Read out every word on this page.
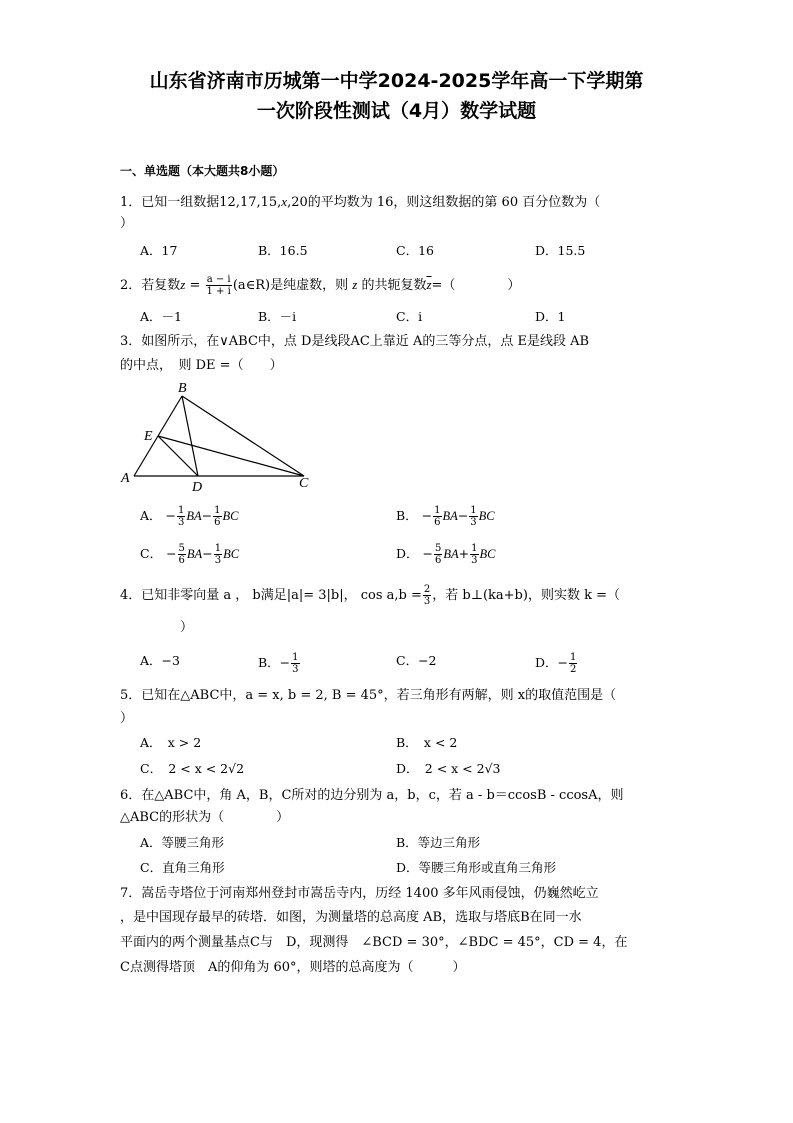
山东省济南市历城第一中学2024-2025学年高一下学期第
一次阶段性测试（4月）数学试题
一、单选题（本大题共8小题）
1．已知一组数据12,17,15,x,20的平均数为 16，则这组数据的第 60 百分位数为（
）
A．17	B．16.5	C．16	D．15.5
2．若复数$z = \frac{a - i}{1 + i}$ (a∈R)是纯虚数，则 z 的共轭复数$\overline{z}=$（　　　　）
A．－1	B．－i	C．i	D．1
3．如图所示，在∨ABC中，点 D是线段AC上靠近 A的三等分点，点 E是线段 AB
的中点，　则 DE =（　　）
B
E
A
D	C
A． − $\frac{1}{3} BA- \frac{1}{6}$ BC	B． − $\frac{1}{6} BA- \frac{1}{3}$ BC
C． − $\frac{5}{6} BA- \frac{1}{3}$ BC	D． − $\frac{5}{6} BA+ \frac{1}{3}$ BC
4．已知非零向量 a ， b满足|a|= 3|b|， $\cos a,b = \frac{2}{3}$ ，若 b⊥(ka+b)，则实数 k =（
）
A．−3	B．− $\frac{1}{3}$	C．−2	D．− $\frac{1}{2}$
5．已知在△ABC中，a = x, b = 2, B = 45°，若三角形有两解，则 x的取值范围是（
）
A．　x > 2	B．　x < 2
C．　2 < x < 2√2	D．　2 < x < 2√3
6．在△ABC中，角 A，B，C所对的边分别为 a，b，c，若 a - b＝ccosB - ccosA，则
△ABC的形状为（　　　　）
A．等腰三角形	B．等边三角形
C．直角三角形	D．等腰三角形或直角三角形
7．嵩岳寺塔位于河南郑州登封市嵩岳寺内，历经 1400 多年风雨侵蚀，仍巍然屹立
，是中国现存最早的砖塔．如图，为测量塔的总高度 AB，选取与塔底B在同一水
平面内的两个测量基点C与　D，现测得　∠BCD = 30°，∠BDC = 45°，CD = 4，在
C点测得塔顶　A的仰角为 60°，则塔的总高度为（　　　）
